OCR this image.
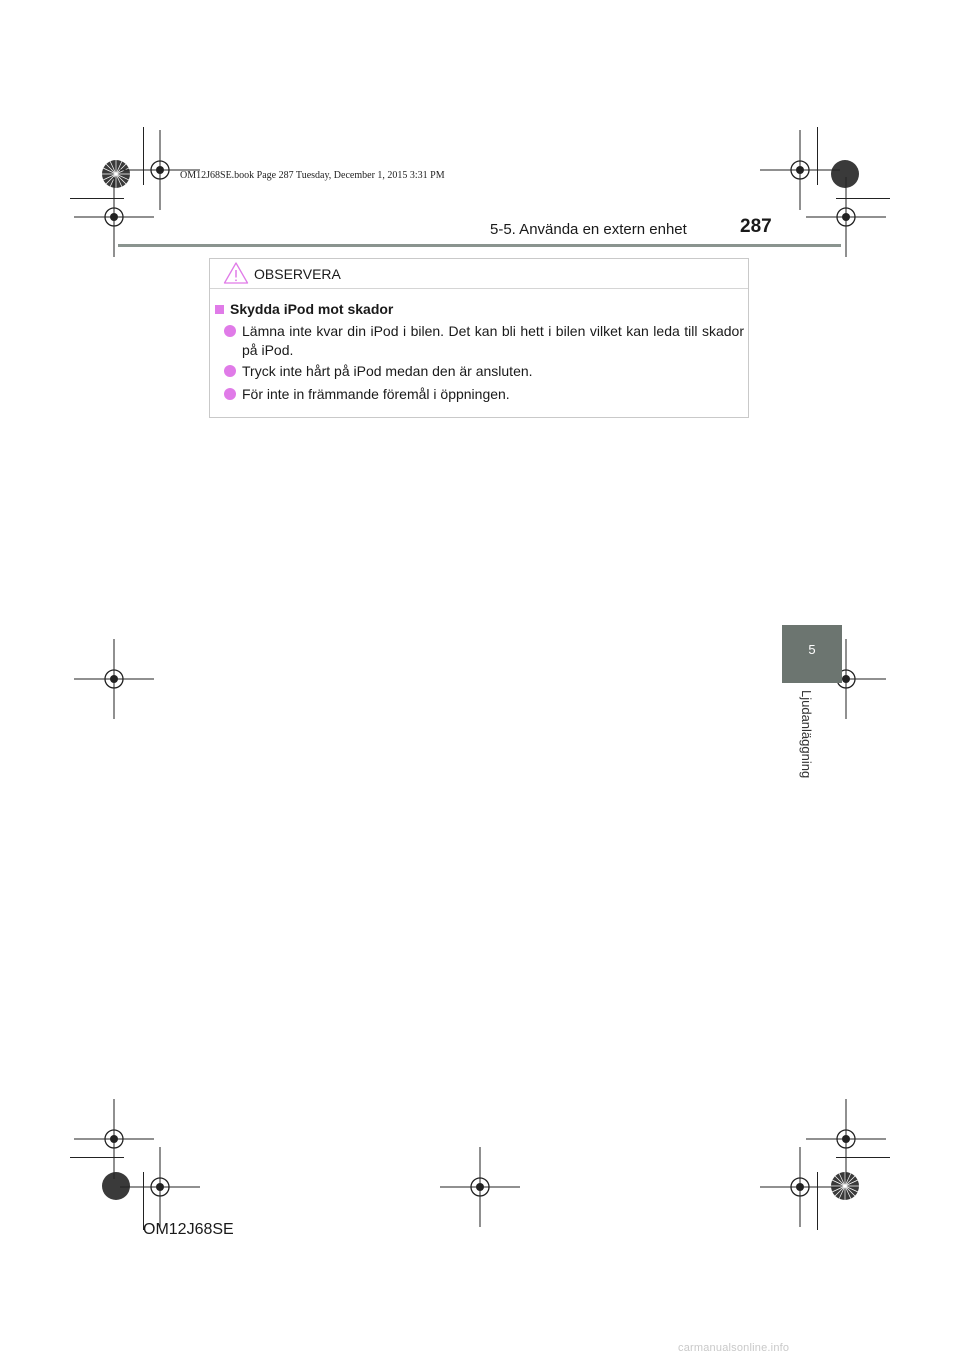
OM12J68SE.book Page 287 Tuesday, December 1, 2015 3:31 PM
5-5. Använda en extern enhet	287
5
Ljudanläggning
OBSERVERA
Skydda iPod mot skador
Lämna inte kvar din iPod i bilen. Det kan bli hett i bilen vilket kan leda till skador på iPod.
Tryck inte hårt på iPod medan den är ansluten.
För inte in främmande föremål i öppningen.
OM12J68SE
carmanualsonline.info
